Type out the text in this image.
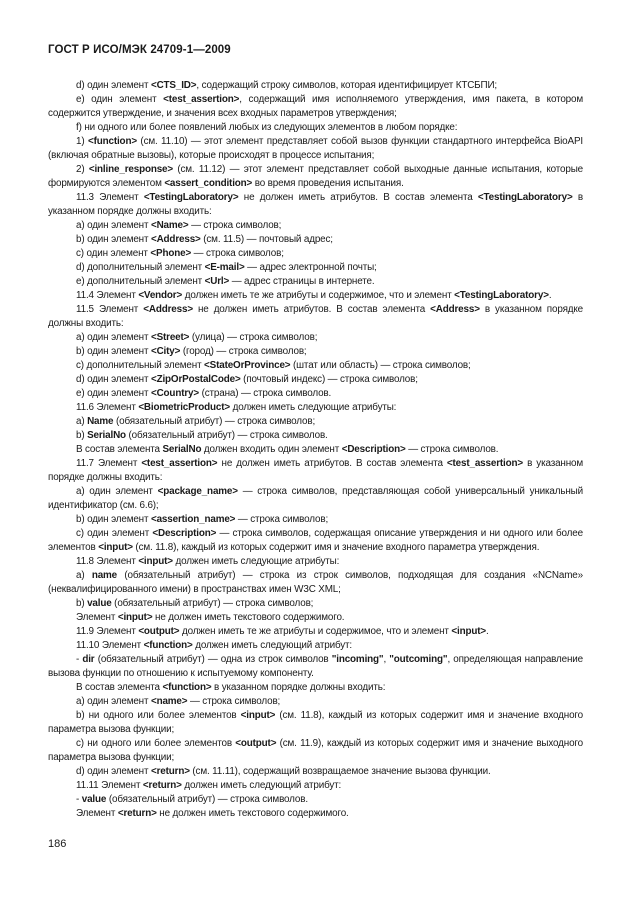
ГОСТ Р ИСО/МЭК 24709-1—2009

d) один элемент <CTS_ID>, содержащий строку символов, которая идентифицирует КТСБПИ;

e) один элемент <test_assertion>, содержащий имя исполняемого утверждения, имя пакета, в котором содержится утверждение, и значения всех входных параметров утверждения;

f) ни одного или более появлений любых из следующих элементов в любом порядке:

1) <function> (см. 11.10) — этот элемент представляет собой вызов функции стандартного интерфейса BioAPI (включая обратные вызовы), которые происходят в процессе испытания;

2) <inline_response> (см. 11.12) — этот элемент представляет собой выходные данные испытания, которые формируются элементом <assert_condition> во время проведения испытания.

11.3 Элемент <TestingLaboratory> не должен иметь атрибутов. В состав элемента <TestingLaboratory> в указанном порядке должны входить:

a) один элемент <Name> — строка символов;

b) один элемент <Address> (см. 11.5) — почтовый адрес;

c) один элемент <Phone> — строка символов;

d) дополнительный элемент <E-mail> — адрес электронной почты;

e) дополнительный элемент <Url> — адрес страницы в интернете.

11.4 Элемент <Vendor> должен иметь те же атрибуты и содержимое, что и элемент <TestingLaboratory>.

11.5 Элемент <Address> не должен иметь атрибутов. В состав элемента <Address> в указанном порядке должны входить:

a) один элемент <Street> (улица) — строка символов;

b) один элемент <City> (город) — строка символов;

c) дополнительный элемент <StateOrProvince> (штат или область) — строка символов;

d) один элемент <ZipOrPostalCode> (почтовый индекс) — строка символов;

e) один элемент <Country> (страна) — строка символов.

11.6 Элемент <BiometricProduct> должен иметь следующие атрибуты:

a) Name (обязательный атрибут) — строка символов;

b) SerialNo (обязательный атрибут) — строка символов.

В состав элемента SerialNo должен входить один элемент <Description> — строка символов.

11.7 Элемент <test_assertion> не должен иметь атрибутов. В состав элемента <test_assertion> в указанном порядке должны входить:

a) один элемент <package_name> — строка символов, представляющая собой универсальный уникальный идентификатор (см. 6.6);

b) один элемент <assertion_name> — строка символов;

c) один элемент <Description> — строка символов, содержащая описание утверждения и ни одного или более элементов <input> (см. 11.8), каждый из которых содержит имя и значение входного параметра утверждения.

11.8 Элемент <input> должен иметь следующие атрибуты:

a) name (обязательный атрибут) — строка из строк символов, подходящая для создания «NCName» (неквалифицированного имени) в пространствах имен W3C XML;

b) value (обязательный атрибут) — строка символов;

Элемент <input> не должен иметь текстового содержимого.

11.9 Элемент <output> должен иметь те же атрибуты и содержимое, что и элемент <input>.

11.10 Элемент <function> должен иметь следующий атрибут:

- dir (обязательный атрибут) — одна из строк символов "incoming", "outcoming", определяющая направление вызова функции по отношению к испытуемому компоненту.

В состав элемента <function> в указанном порядке должны входить:

a) один элемент <name> — строка символов;

b) ни одного или более элементов <input> (см. 11.8), каждый из которых содержит имя и значение входного параметра вызова функции;

c) ни одного или более элементов <output> (см. 11.9), каждый из которых содержит имя и значение выходного параметра вызова функции;

d) один элемент <return> (см. 11.11), содержащий возвращаемое значение вызова функции.

11.11 Элемент <return> должен иметь следующий атрибут:

- value (обязательный атрибут) — строка символов.

Элемент <return> не должен иметь текстового содержимого.

186
